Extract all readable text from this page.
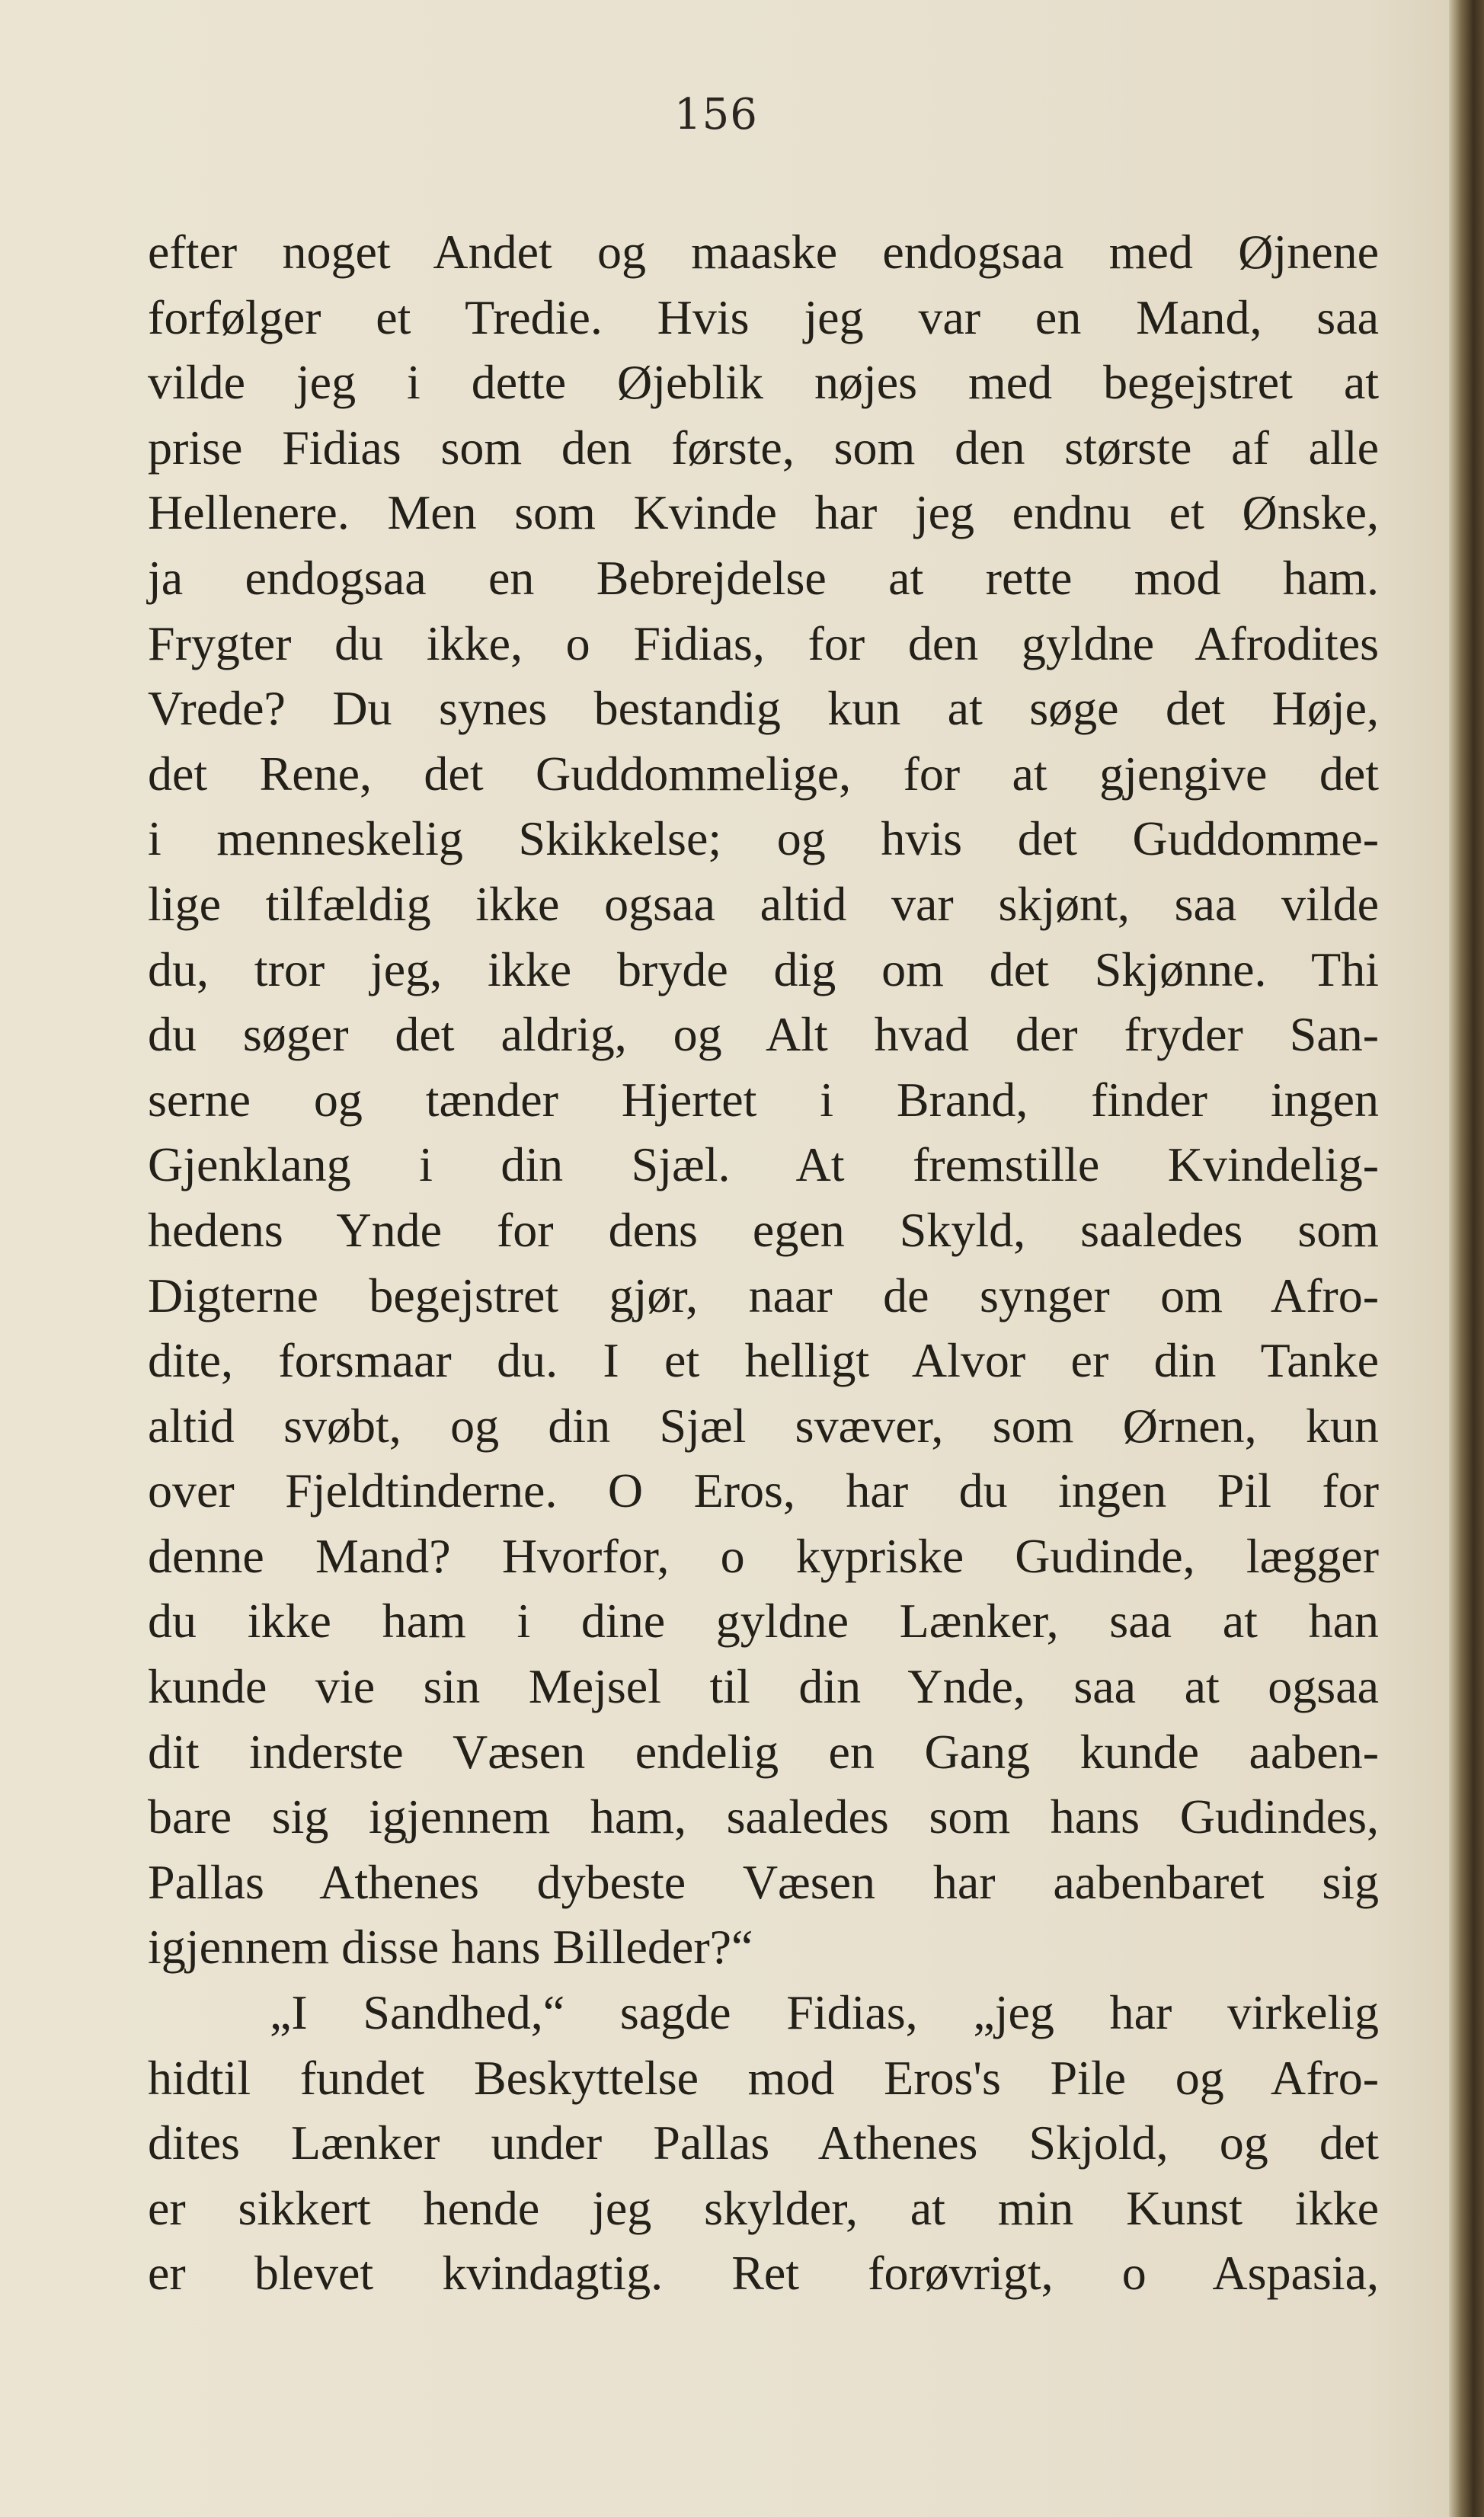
156
efter noget Andet og maaske endogsaa med Øjnene
forfølger et Tredie. Hvis jeg var en Mand, saa
vilde jeg i dette Øjeblik nøjes med begejstret at
prise Fidias som den første, som den største af alle
Hellenere. Men som Kvinde har jeg endnu et Ønske,
ja endogsaa en Bebrejdelse at rette mod ham.
Frygter du ikke, o Fidias, for den gyldne Afrodites
Vrede? Du synes bestandig kun at søge det Høje,
det Rene, det Guddommelige, for at gjengive det
i menneskelig Skikkelse; og hvis det Guddomme-
lige tilfældig ikke ogsaa altid var skjønt, saa vilde
du, tror jeg, ikke bryde dig om det Skjønne. Thi
du søger det aldrig, og Alt hvad der fryder San-
serne og tænder Hjertet i Brand, finder ingen
Gjenklang i din Sjæl. At fremstille Kvindelig-
hedens Ynde for dens egen Skyld, saaledes som
Digterne begejstret gjør, naar de synger om Afro-
dite, forsmaar du. I et helligt Alvor er din Tanke
altid svøbt, og din Sjæl svæver, som Ørnen, kun
over Fjeldtinderne. O Eros, har du ingen Pil for
denne Mand? Hvorfor, o kypriske Gudinde, lægger
du ikke ham i dine gyldne Lænker, saa at han
kunde vie sin Mejsel til din Ynde, saa at ogsaa
dit inderste Væsen endelig en Gang kunde aaben-
bare sig igjennem ham, saaledes som hans Gudindes,
Pallas Athenes dybeste Væsen har aabenbaret sig
igjennem disse hans Billeder?“
„I Sandhed,“ sagde Fidias, „jeg har virkelig
hidtil fundet Beskyttelse mod Eros's Pile og Afro-
dites Lænker under Pallas Athenes Skjold, og det
er sikkert hende jeg skylder, at min Kunst ikke
er blevet kvindagtig. Ret forøvrigt, o Aspasia,
